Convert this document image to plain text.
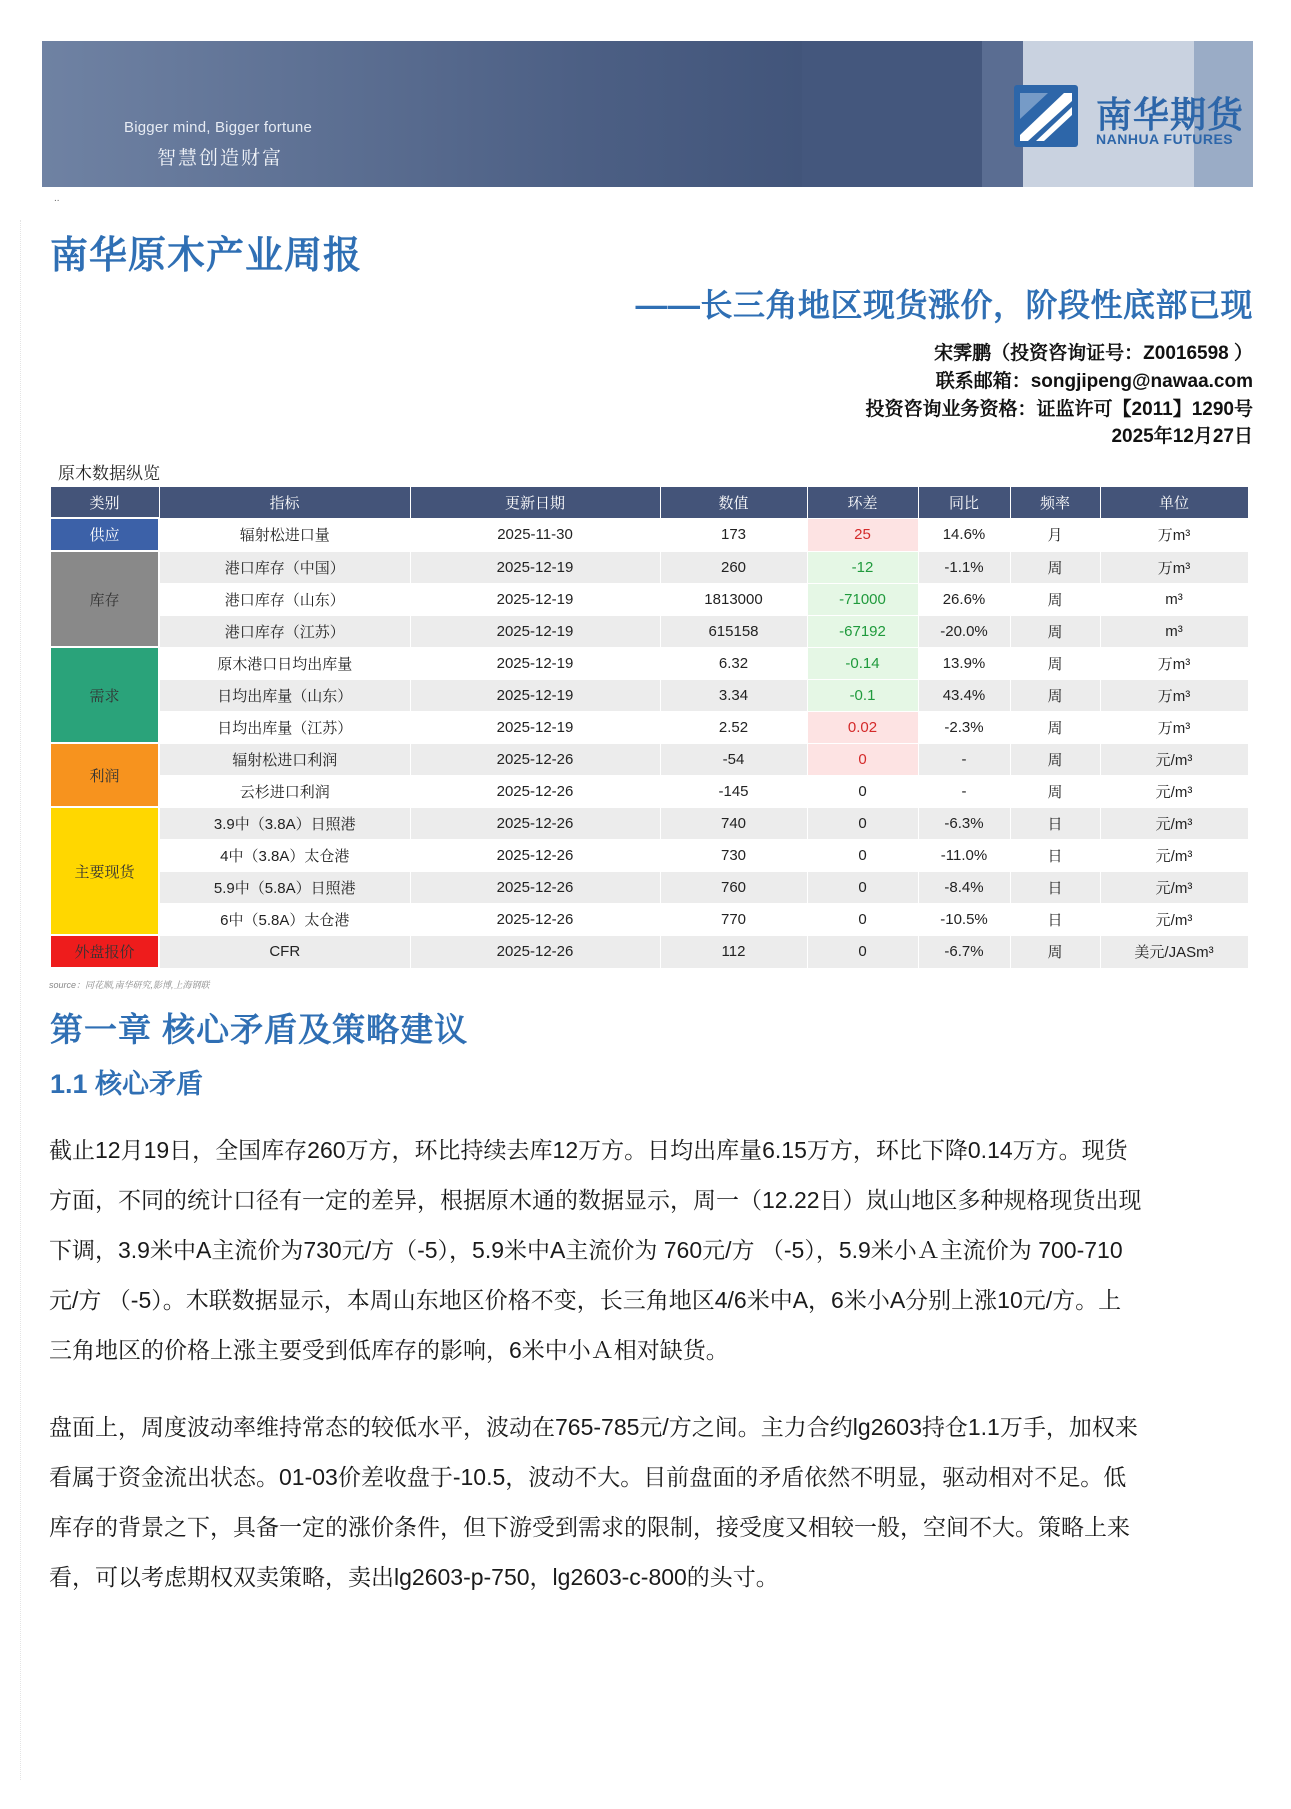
Bigger mind, Bigger fortune
智慧创造财富
南华期货
NANHUA FUTURES
..
南华原木产业周报
——长三角地区现货涨价，阶段性底部已现
宋霁鹏（投资咨询证号：Z0016598 ）
联系邮箱：songjipeng@nawaa.com
投资咨询业务资格：证监许可【2011】1290号
2025年12月27日
原木数据纵览
类别	指标	更新日期	数值	环差	同比	频率	单位
供应	辐射松进口量	2025-11-30	173	25	14.6%	月	万m³
库存	港口库存（中国）	2025-12-19	260	-12	-1.1%	周	万m³
	港口库存（山东）	2025-12-19	1813000	-71000	26.6%	周	m³
	港口库存（江苏）	2025-12-19	615158	-67192	-20.0%	周	m³
需求	原木港口日均出库量	2025-12-19	6.32	-0.14	13.9%	周	万m³
	日均出库量（山东）	2025-12-19	3.34	-0.1	43.4%	周	万m³
	日均出库量（江苏）	2025-12-19	2.52	0.02	-2.3%	周	万m³
利润	辐射松进口利润	2025-12-26	-54	0	-	周	元/m³
	云杉进口利润	2025-12-26	-145	0	-	周	元/m³
主要现货	3.9中（3.8A）日照港	2025-12-26	740	0	-6.3%	日	元/m³
	4中（3.8A）太仓港	2025-12-26	730	0	-11.0%	日	元/m³
	5.9中（5.8A）日照港	2025-12-26	760	0	-8.4%	日	元/m³
	6中（5.8A）太仓港	2025-12-26	770	0	-10.5%	日	元/m³
外盘报价	CFR	2025-12-26	112	0	-6.7%	周	美元/JASm³
source：同花顺,南华研究,影博,上海钢联
第一章 核心矛盾及策略建议
1.1 核心矛盾

截止12月19日，全国库存260万方，环比持续去库12万方。日均出库量6.15万方，环比下降0.14万方。现货
方面，不同的统计口径有一定的差异，根据原木通的数据显示，周一（12.22日）岚山地区多种规格现货出现
下调，3.9米中A主流价为730元/方（-5），5.9米中A主流价为 760元/方 （-5），5.9米小Ａ主流价为 700-710
元/方 （-5）。木联数据显示，本周山东地区价格不变，长三角地区4/6米中A，6米小A分别上涨10元/方。上
三角地区的价格上涨主要受到低库存的影响，6米中小Ａ相对缺货。

盘面上，周度波动率维持常态的较低水平，波动在765-785元/方之间。主力合约lg2603持仓1.1万手，加权来
看属于资金流出状态。01-03价差收盘于-10.5，波动不大。目前盘面的矛盾依然不明显，驱动相对不足。低
库存的背景之下，具备一定的涨价条件，但下游受到需求的限制，接受度又相较一般，空间不大。策略上来
看，可以考虑期权双卖策略，卖出lg2603-p-750，lg2603-c-800的头寸。
